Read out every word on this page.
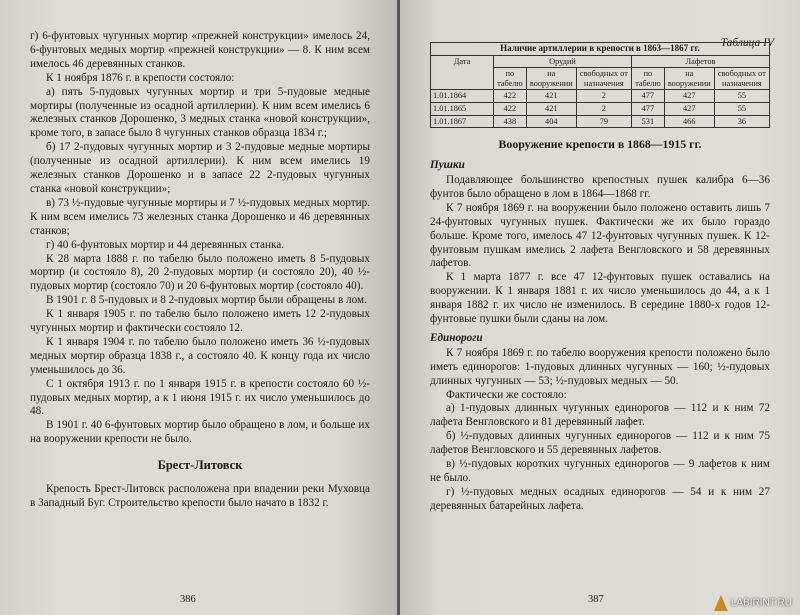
г) 6-фунтовых чугунных мортир «прежней конструкции» имелось 24, 6-фунтовых медных мортир «прежней конструкции» — 8. К ним всем имелось 46 деревянных станков.

К 1 ноября 1876 г. в крепости состояло:

а) пять 5-пудовых чугунных мортир и три 5-пудовые медные мортиры (полученные из осадной артиллерии). К ним всем имелись 6 железных станков Дорошенко, 3 медных станка «новой конструкции», кроме того, в запасе было 8 чугунных станков образца 1834 г.;

б) 17 2-пудовых чугунных мортир и 3 2-пудовые медные мортиры (полученные из осадной артиллерии). К ним всем имелись 19 железных станков Дорошенко и в запасе 22 2-пудовых чугунных станка «новой конструкции»;

в) 73 ½-пудовые чугунные мортиры и 7 ½-пудовых медных мортир. К ним всем имелись 73 железных станка Дорошенко и 46 деревянных станков;

г) 40 6-фунтовых мортир и 44 деревянных станка.

К 28 марта 1888 г. по табелю было положено иметь 8 5-пудовых мортир (и состояло 8), 20 2-пудовых мортир (и состояло 20), 40 ½-пудовых мортир (состояло 70) и 20 6-фунтовых мортир (состояло 40).

В 1901 г. 8 5-пудовых и 8 2-пудовых мортир были обращены в лом.

К 1 января 1905 г. по табелю было положено иметь 12 2-пудовых чугунных мортир и фактически состояло 12.

К 1 января 1904 г. по табелю было положено иметь 36 ½-пудовых медных мортир образца 1838 г., а состояло 40. К концу года их число уменьшилось до 36.

С 1 октября 1913 г. по 1 января 1915 г. в крепости состояло 60 ½-пудовых медных мортир, а к 1 июня 1915 г. их число уменьшилось до 48.

В 1901 г. 40 6-фунтовых мортир было обращено в лом, и больше их на вооружении крепости не было.

Брест-Литовск

Крепость Брест-Литовск расположена при впадении реки Муховца в Западный Буг. Строительство крепости было начато в 1832 г.

386
Таблица IV
Наличие артиллерии в крепости в 1863—1867 гг.						
Дата	Орудий			Лафетов		
	по табелю	на вооружении	свободных от назначения	по табелю	на вооружении	свободных от назначения
1.01.1864	422	421	2	477	427	55
1.01.1865	422	421	2	477	427	55
1.01.1867	438	404	79	531	466	36
Вооружение крепости в 1868—1915 гг.

Пушки

Подавляющее большинство крепостных пушек калибра 6—36 фунтов было обращено в лом в 1864—1868 гг.

К 7 ноября 1869 г. на вооружении было положено оставить лишь 7 24-фунтовых чугунных пушек. Фактически же их было гораздо больше. Кроме того, имелось 47 12-фунтовых чугунных пушек. К 12-фунтовым пушкам имелись 2 лафета Венгловского и 58 деревянных лафетов.

К 1 марта 1877 г. все 47 12-фунтовых пушек оставались на вооружении. К 1 января 1881 г. их число уменьшилось до 44, а к 1 января 1882 г. их число не изменилось. В середине 1880-х годов 12-фунтовые пушки были сданы на лом.

Единороги

К 7 ноября 1869 г. по табелю вооружения крепости положено было иметь единорогов: 1-пудовых длинных чугунных — 160; ½-пудовых длинных чугунных — 53; ½-пудовых медных — 50.

Фактически же состояло:

а) 1-пудовых длинных чугунных единорогов — 112 и к ним 72 лафета Венгловского и 81 деревянный лафет.

б) ½-пудовых длинных чугунных единорогов — 112 и к ним 75 лафетов Венгловского и 55 деревянных лафетов.

в) ½-пудовых коротких чугунных единорогов — 9 лафетов к ним не было.

г) ½-пудовых медных осадных единорогов — 54 и к ним 27 деревянных батарейных лафета.

387	LABIRINT.RU
